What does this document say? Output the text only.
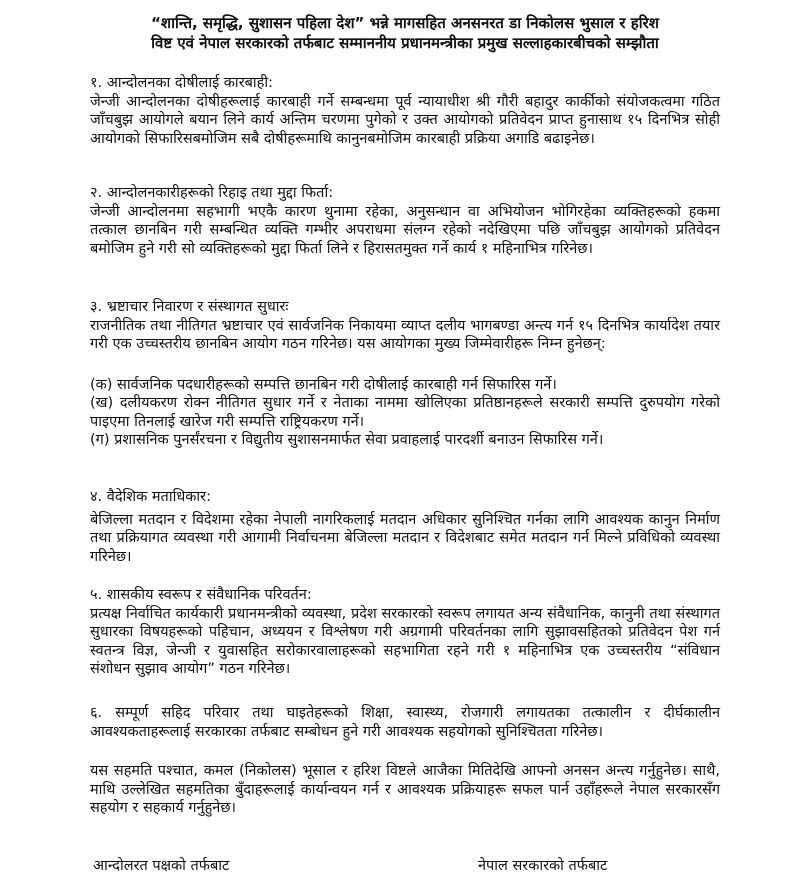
“शान्ति, समृद्धि, सुशासन पहिला देश” भन्ने मागसहित अनसनरत डा निकोलस भुसाल र हरिश

विष्ट एवं नेपाल सरकारको तर्फबाट सम्माननीय प्रधानमन्त्रीका प्रमुख सल्लाहकारबीचको सम्झौता

१. आन्दोलनका दोषीलाई कारबाही:

जेन्जी आन्दोलनका दोषीहरूलाई कारबाही गर्ने सम्बन्धमा पूर्व न्यायाधीश श्री गौरी बहादुर कार्कीको संयोजकत्वमा गठित जाँचबुझ आयोगले बयान लिने कार्य अन्तिम चरणमा पुगेको र उक्त आयोगको प्रतिवेदन प्राप्त हुनासाथ १५ दिनभित्र सोही आयोगको सिफारिसबमोजिम सबै दोषीहरूमाथि कानुनबमोजिम कारबाही प्रक्रिया अगाडि बढाइनेछ।

२. आन्दोलनकारीहरूको रिहाइ तथा मुद्दा फिर्ता:

जेन्जी आन्दोलनमा सहभागी भएकै कारण थुनामा रहेका, अनुसन्धान वा अभियोजन भोगिरहेका व्यक्तिहरूको हकमा तत्काल छानबिन गरी सम्बन्धित व्यक्ति गम्भीर अपराधमा संलग्न रहेको नदेखिएमा पछि जाँचबुझ आयोगको प्रतिवेदन बमोजिम हुने गरी सो व्यक्तिहरूको मुद्दा फिर्ता लिने र हिरासतमुक्त गर्ने कार्य १ महिनाभित्र गरिनेछ।

३. भ्रष्टाचार निवारण र संस्थागत सुधारः

राजनीतिक तथा नीतिगत भ्रष्टाचार एवं सार्वजनिक निकायमा व्याप्त दलीय भागबण्डा अन्त्य गर्न १५ दिनभित्र कार्यादेश तयार गरी एक उच्चस्तरीय छानबिन आयोग गठन गरिनेछ। यस आयोगका मुख्य जिम्मेवारीहरू निम्न हुनेछन्:

(क) सार्वजनिक पदधारीहरूको सम्पत्ति छानबिन गरी दोषीलाई कारबाही गर्न सिफारिस गर्ने।

(ख) दलीयकरण रोक्न नीतिगत सुधार गर्ने र नेताका नाममा खोलिएका प्रतिष्ठानहरूले सरकारी सम्पत्ति दुरुपयोग गरेको पाइएमा तिनलाई खारेज गरी सम्पत्ति राष्ट्रियकरण गर्ने।

(ग) प्रशासनिक पुनर्संरचना र विद्युतीय सुशासनमार्फत सेवा प्रवाहलाई पारदर्शी बनाउन सिफारिस गर्ने।

४. वैदेशिक मताधिकार:

बेजिल्ला मतदान र विदेशमा रहेका नेपाली नागरिकलाई मतदान अधिकार सुनिश्चित गर्नका लागि आवश्यक कानुन निर्माण तथा प्रक्रियागत व्यवस्था गरी आगामी निर्वाचनमा बेजिल्ला मतदान र विदेशबाट समेत मतदान गर्न मिल्ने प्रविधिको व्यवस्था गरिनेछ।

५. शासकीय स्वरूप र संवैधानिक परिवर्तन:

प्रत्यक्ष निर्वाचित कार्यकारी प्रधानमन्त्रीको व्यवस्था, प्रदेश सरकारको स्वरूप लगायत अन्य संवैधानिक, कानुनी तथा संस्थागत सुधारका विषयहरूको पहिचान, अध्ययन र विश्लेषण गरी अग्रगामी परिवर्तनका लागि सुझावसहितको प्रतिवेदन पेश गर्न स्वतन्त्र विज्ञ, जेन्जी र युवासहित सरोकारवालाहरूको सहभागिता रहने गरी १ महिनाभित्र एक उच्चस्तरीय “संविधान संशोधन सुझाव आयोग” गठन गरिनेछ।

६. सम्पूर्ण सहिद परिवार तथा घाइतेहरूको शिक्षा, स्वास्थ्य, रोजगारी लगायतका तत्कालीन र दीर्घकालीन आवश्यकताहरूलाई सरकारका तर्फबाट सम्बोधन हुने गरी आवश्यक सहयोगको सुनिश्चितता गरिनेछ।

यस सहमति पश्चात, कमल (निकोलस) भूसाल र हरिश विष्टले आजैका मितिदेखि आफ्नो अनसन अन्त्य गर्नुहुनेछ। साथै, माथि उल्लेखित सहमतिका बुँदाहरूलाई कार्यान्वयन गर्न र आवश्यक प्रक्रियाहरू सफल पार्न उहाँहरूले नेपाल सरकारसँग सहयोग र सहकार्य गर्नुहुनेछ।

आन्दोलरत पक्षको तर्फबाट	नेपाल सरकारको तर्फबाट
